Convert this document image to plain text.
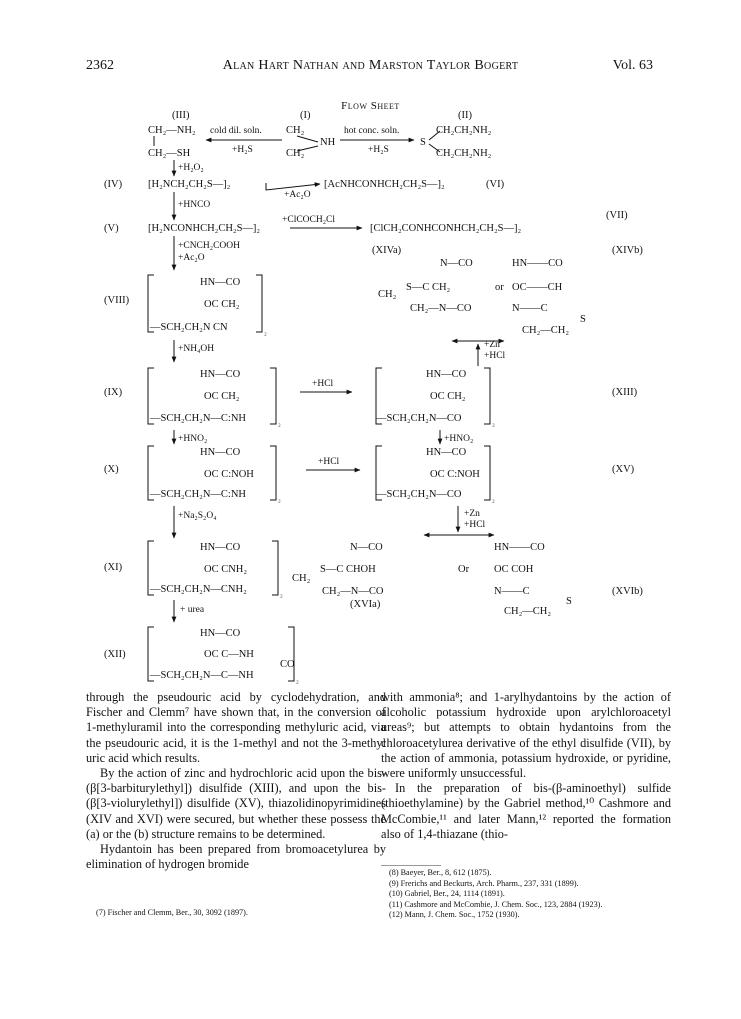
2362	Alan Hart Nathan and Marston Taylor Bogert	Vol. 63
Flow Sheet
(III)	(I)	(II)
CH₂—NH₂
CH₂—SH
cold dil. soln.
+H₂S
CH₂
CH₂
NH
hot conc. soln.
+H₂S
S
CH₂CH₂NH₂
CH₂CH₂NH₂
+H₂O₂
(IV) [H₂NCH₂CH₂S—]₂
+Ac₂O
[AcNHCONHCH₂CH₂S—]₂	(VI)
+HNCO
(V)	[H₂NCONHCH₂CH₂S—]₂
+ClCOCH₂Cl
[ClCH₂CONHCONHCH₂CH₂S—]₂
(VII)
+CNCH₂COOH
+Ac₂O
(XIVa)	(XIVb)
N—CO
S—C CH₂
CH₂
CH₂—N—CO
or
HN——CO
OC——CH
N——C
S
CH₂—CH₂
(VIII)
HN—CO
OC CH₂
—SCH₂CH₂N CN	₂
+NH₄OH	+Zn
+HCl
(IX)
HN—CO
OC CH₂
—SCH₂CH₂N—C:NH	₂
+HCl
HN—CO
OC CH₂
—SCH₂CH₂N—CO	₂
(XIII)
+HNO₂	+HNO₂
(X)
HN—CO
OC C:NOH
—SCH₂CH₂N—C:NH	₂
+HCl
HN—CO
OC C:NOH
—SCH₂CH₂N—CO	₂
(XV)
+Na₂S₂O₄	+Zn
+HCl
(XI)
HN—CO
OC CNH₂
—SCH₂CH₂N—CNH₂	₂
N—CO
S—C CHOH
CH₂
CH₂—N—CO
(XVIa)
Or
HN——CO
OC COH
N——C
S
CH₂—CH₂
(XVIb)
+ urea
(XII)
HN—CO
OC C—NH
CO
—SCH₂CH₂N—C—NH	₂

through the pseudouric acid by cyclodehydration, and Fischer and Clemm⁷ have shown that, in the conversion of 1-methyluramil into the corresponding methyluric acid, via the pseudouric acid, it is the 1-methyl and not the 3-methyl uric acid which results.

By the action of zinc and hydrochloric acid upon the bis-(β[3-barbiturylethyl]) disulfide (XIII), and upon the bis-(β[3-violurylethyl]) disulfide (XV), thiazolidinopyrimidines (XIV and XVI) were secured, but whether these possess the (a) or the (b) structure remains to be determined.

Hydantoin has been prepared from bromoacetylurea by elimination of hydrogen bromide

(7) Fischer and Clemm, Ber., 30, 3092 (1897).

with ammonia⁸; and 1-arylhydantoins by the action of alcoholic potassium hydroxide upon arylchloroacetyl ureas⁹; but attempts to obtain hydantoins from the chloroacetylurea derivative of the ethyl disulfide (VII), by the action of ammonia, potassium hydroxide, or pyridine, were uniformly unsuccessful.

In the preparation of bis-(β-aminoethyl) sulfide (thioethylamine) by the Gabriel method,¹⁰ Cashmore and McCombie,¹¹ and later Mann,¹² reported the formation also of 1,4-thiazane (thio-

(8) Baeyer, Ber., 8, 612 (1875).
(9) Frerichs and Beckurts, Arch. Pharm., 237, 331 (1899).
(10) Gabriel, Ber., 24, 1114 (1891).
(11) Cashmore and McCombie, J. Chem. Soc., 123, 2884 (1923).
(12) Mann, J. Chem. Soc., 1752 (1930).
